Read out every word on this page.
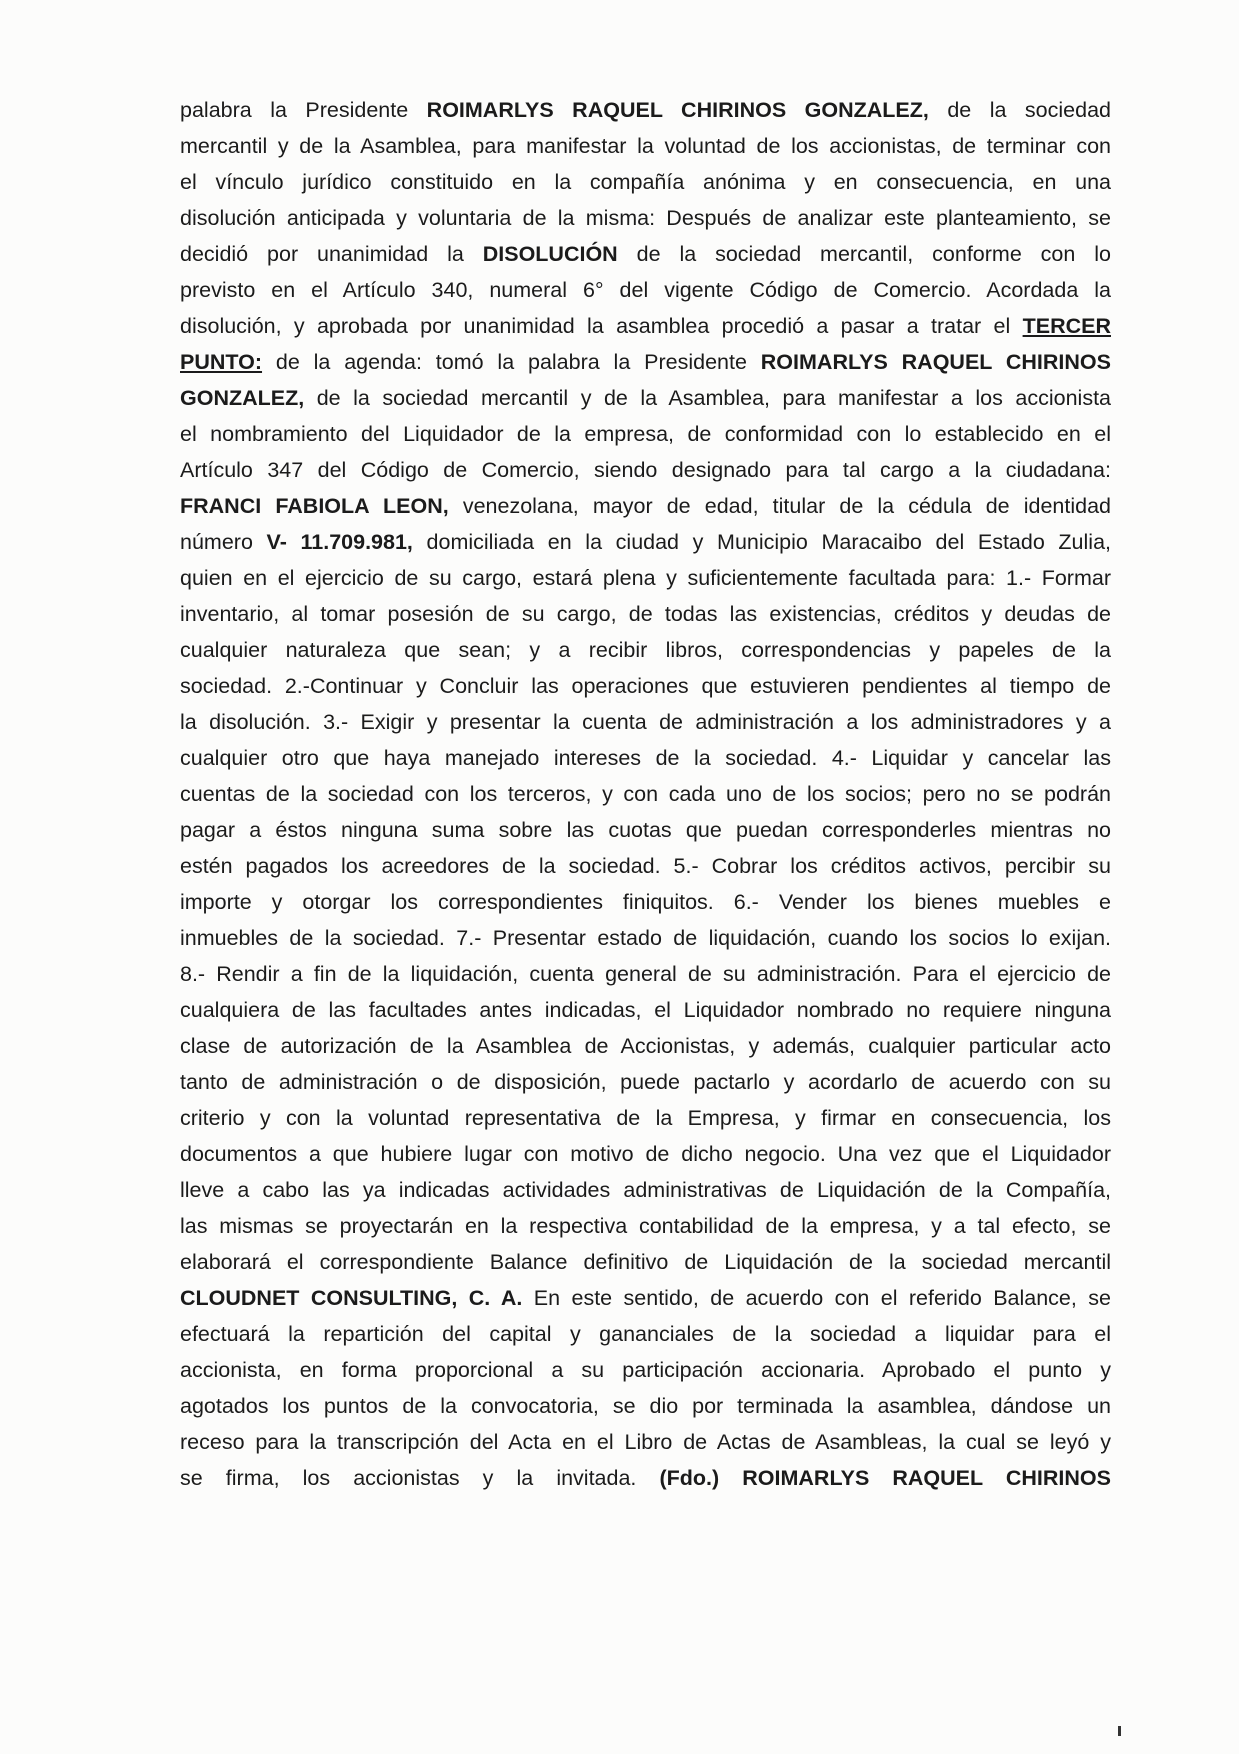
palabra la Presidente ROIMARLYS RAQUEL CHIRINOS GONZALEZ, de la sociedad
mercantil y de la Asamblea, para manifestar la voluntad de los accionistas, de terminar con
el vínculo jurídico constituido en la compañía anónima y en consecuencia, en una
disolución anticipada y voluntaria de la misma: Después de analizar este planteamiento, se
decidió por unanimidad la DISOLUCIÓN de la sociedad mercantil, conforme con lo
previsto en el Artículo 340, numeral 6° del vigente Código de Comercio. Acordada la
disolución, y aprobada por unanimidad la asamblea procedió a pasar a tratar el TERCER
PUNTO: de la agenda: tomó la palabra la Presidente ROIMARLYS RAQUEL CHIRINOS
GONZALEZ, de la sociedad mercantil y de la Asamblea, para manifestar a los accionista
el nombramiento del Liquidador de la empresa, de conformidad con lo establecido en el
Artículo 347 del Código de Comercio, siendo designado para tal cargo a la ciudadana:
FRANCI FABIOLA LEON, venezolana, mayor de edad, titular de la cédula de identidad
número V- 11.709.981, domiciliada en la ciudad y Municipio Maracaibo del Estado Zulia,
quien en el ejercicio de su cargo, estará plena y suficientemente facultada para: 1.- Formar
inventario, al tomar posesión de su cargo, de todas las existencias, créditos y deudas de
cualquier naturaleza que sean; y a recibir libros, correspondencias y papeles de la
sociedad. 2.-Continuar y Concluir las operaciones que estuvieren pendientes al tiempo de
la disolución. 3.- Exigir y presentar la cuenta de administración a los administradores y a
cualquier otro que haya manejado intereses de la sociedad. 4.- Liquidar y cancelar las
cuentas de la sociedad con los terceros, y con cada uno de los socios; pero no se podrán
pagar a éstos ninguna suma sobre las cuotas que puedan corresponderles mientras no
estén pagados los acreedores de la sociedad. 5.- Cobrar los créditos activos, percibir su
importe y otorgar los correspondientes finiquitos. 6.- Vender los bienes muebles e
inmuebles de la sociedad. 7.- Presentar estado de liquidación, cuando los socios lo exijan.
8.- Rendir a fin de la liquidación, cuenta general de su administración. Para el ejercicio de
cualquiera de las facultades antes indicadas, el Liquidador nombrado no requiere ninguna
clase de autorización de la Asamblea de Accionistas, y además, cualquier particular acto
tanto de administración o de disposición, puede pactarlo y acordarlo de acuerdo con su
criterio y con la voluntad representativa de la Empresa, y firmar en consecuencia, los
documentos a que hubiere lugar con motivo de dicho negocio. Una vez que el Liquidador
lleve a cabo las ya indicadas actividades administrativas de Liquidación de la Compañía,
las mismas se proyectarán en la respectiva contabilidad de la empresa, y a tal efecto, se
elaborará el correspondiente Balance definitivo de Liquidación de la sociedad mercantil
CLOUDNET CONSULTING, C. A. En este sentido, de acuerdo con el referido Balance, se
efectuará la repartición del capital y gananciales de la sociedad a liquidar para el
accionista, en forma proporcional a su participación accionaria. Aprobado el punto y
agotados los puntos de la convocatoria, se dio por terminada la asamblea, dándose un
receso para la transcripción del Acta en el Libro de Actas de Asambleas, la cual se leyó y
se firma, los accionistas y la invitada. (Fdo.) ROIMARLYS RAQUEL CHIRINOS
